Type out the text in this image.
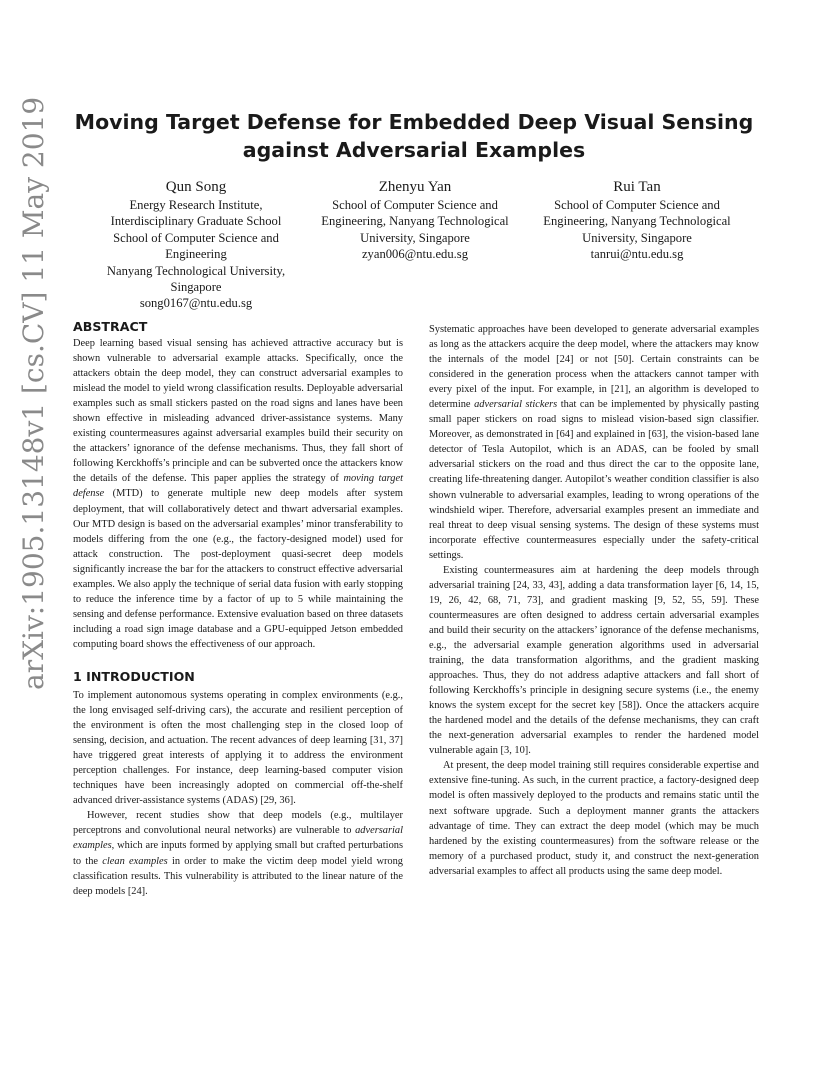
Moving Target Defense for Embedded Deep Visual Sensing
against Adversarial Examples
Qun Song
Energy Research Institute,
Interdisciplinary Graduate School
School of Computer Science and
Engineering
Nanyang Technological University,
Singapore
song0167@ntu.edu.sg
Zhenyu Yan
School of Computer Science and
Engineering, Nanyang Technological
University, Singapore
zyan006@ntu.edu.sg
Rui Tan
School of Computer Science and
Engineering, Nanyang Technological
University, Singapore
tanrui@ntu.edu.sg
arXiv:1905.13148v1 [cs.CV] 11 May 2019	ABSTRACT

Deep learning based visual sensing has achieved attractive accuracy but is shown vulnerable to adversarial example attacks. Specifically, once the attackers obtain the deep model, they can construct adversarial examples to mislead the model to yield wrong classification results. Deployable adversarial examples such as small stickers pasted on the road signs and lanes have been shown effective in misleading advanced driver-assistance systems. Many existing countermeasures against adversarial examples build their security on the attackers’ ignorance of the defense mechanisms. Thus, they fall short of following Kerckhoffs’s principle and can be subverted once the attackers know the details of the defense. This paper applies the strategy of moving target defense (MTD) to generate multiple new deep models after system deployment, that will collaboratively detect and thwart adversarial examples. Our MTD design is based on the adversarial examples’ minor transferability to models differing from the one (e.g., the factory-designed model) used for attack construction. The post-deployment quasi-secret deep models significantly increase the bar for the attackers to construct effective adversarial examples. We also apply the technique of serial data fusion with early stopping to reduce the inference time by a factor of up to 5 while maintaining the sensing and defense performance. Extensive evaluation based on three datasets including a road sign image database and a GPU-equipped Jetson embedded computing board shows the effectiveness of our approach.

1 INTRODUCTION

To implement autonomous systems operating in complex environments (e.g., the long envisaged self-driving cars), the accurate and resilient perception of the environment is often the most challenging step in the closed loop of sensing, decision, and actuation. The recent advances of deep learning [31, 37] have triggered great interests of applying it to address the environment perception challenges. For instance, deep learning-based computer vision techniques have been increasingly adopted on commercial off-the-shelf advanced driver-assistance systems (ADAS) [29, 36].

However, recent studies show that deep models (e.g., multilayer perceptrons and convolutional neural networks) are vulnerable to adversarial examples, which are inputs formed by applying small but crafted perturbations to the clean examples in order to make the victim deep model yield wrong classification results. This vulnerability is attributed to the linear nature of the deep models [24].

Systematic approaches have been developed to generate adversarial examples as long as the attackers acquire the deep model, where the attackers may know the internals of the model [24] or not [50]. Certain constraints can be considered in the generation process when the attackers cannot tamper with every pixel of the input. For example, in [21], an algorithm is developed to determine adversarial stickers that can be implemented by physically pasting small paper stickers on road signs to mislead vision-based sign classifier. Moreover, as demonstrated in [64] and explained in [63], the vision-based lane detector of Tesla Autopilot, which is an ADAS, can be fooled by small adversarial stickers on the road and thus direct the car to the opposite lane, creating life-threatening danger. Autopilot’s weather condition classifier is also shown vulnerable to adversarial examples, leading to wrong operations of the windshield wiper. Therefore, adversarial examples present an immediate and real threat to deep visual sensing systems. The design of these systems must incorporate effective countermeasures especially under the safety-critical settings.

Existing countermeasures aim at hardening the deep models through adversarial training [24, 33, 43], adding a data transformation layer [6, 14, 15, 19, 26, 42, 68, 71, 73], and gradient masking [9, 52, 55, 59]. These countermeasures are often designed to address certain adversarial examples and build their security on the attackers’ ignorance of the defense mechanisms, e.g., the adversarial example generation algorithms used in adversarial training, the data transformation algorithms, and the gradient masking approaches. Thus, they do not address adaptive attackers and fall short of following Kerckhoffs’s principle in designing secure systems (i.e., the enemy knows the system except for the secret key [58]). Once the attackers acquire the hardened model and the details of the defense mechanisms, they can craft the next-generation adversarial examples to render the hardened model vulnerable again [3, 10].

At present, the deep model training still requires considerable expertise and extensive fine-tuning. As such, in the current practice, a factory-designed deep model is often massively deployed to the products and remains static until the next software upgrade. Such a deployment manner grants the attackers advantage of time. They can extract the deep model (which may be much hardened by the existing countermeasures) from the software release or the memory of a purchased product, study it, and construct the next-generation adversarial examples to affect all products using the same deep model.
